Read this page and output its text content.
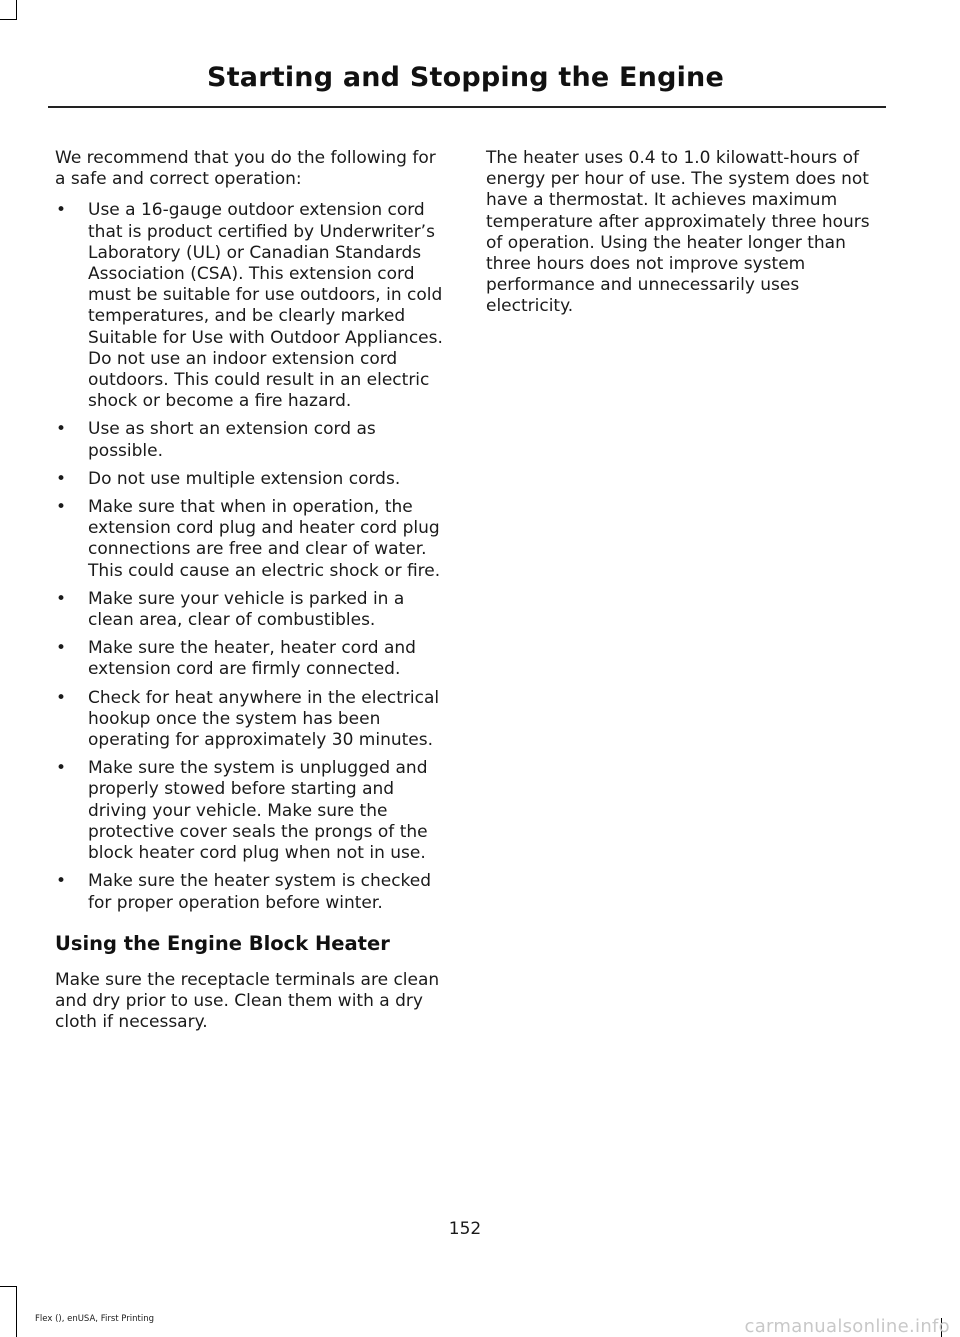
Starting and Stopping the Engine

We recommend that you do the following for a safe and correct operation:

• Use a 16-gauge outdoor extension cord that is product certified by Underwriter’s Laboratory (UL) or Canadian Standards Association (CSA). This extension cord must be suitable for use outdoors, in cold temperatures, and be clearly marked Suitable for Use with Outdoor Appliances. Do not use an indoor extension cord outdoors. This could result in an electric shock or become a fire hazard.
• Use as short an extension cord as possible.
• Do not use multiple extension cords.
• Make sure that when in operation, the extension cord plug and heater cord plug connections are free and clear of water. This could cause an electric shock or fire.
• Make sure your vehicle is parked in a clean area, clear of combustibles.
• Make sure the heater, heater cord and extension cord are firmly connected.
• Check for heat anywhere in the electrical hookup once the system has been operating for approximately 30 minutes.
• Make sure the system is unplugged and properly stowed before starting and driving your vehicle. Make sure the protective cover seals the prongs of the block heater cord plug when not in use.
• Make sure the heater system is checked for proper operation before winter.
Using the Engine Block Heater

Make sure the receptacle terminals are clean and dry prior to use. Clean them with a dry cloth if necessary.

The heater uses 0.4 to 1.0 kilowatt-hours of energy per hour of use. The system does not have a thermostat. It achieves maximum temperature after approximately three hours of operation. Using the heater longer than three hours does not improve system performance and unnecessarily uses electricity.

152
Flex (), enUSA, First Printing	carmanualsonline.info
